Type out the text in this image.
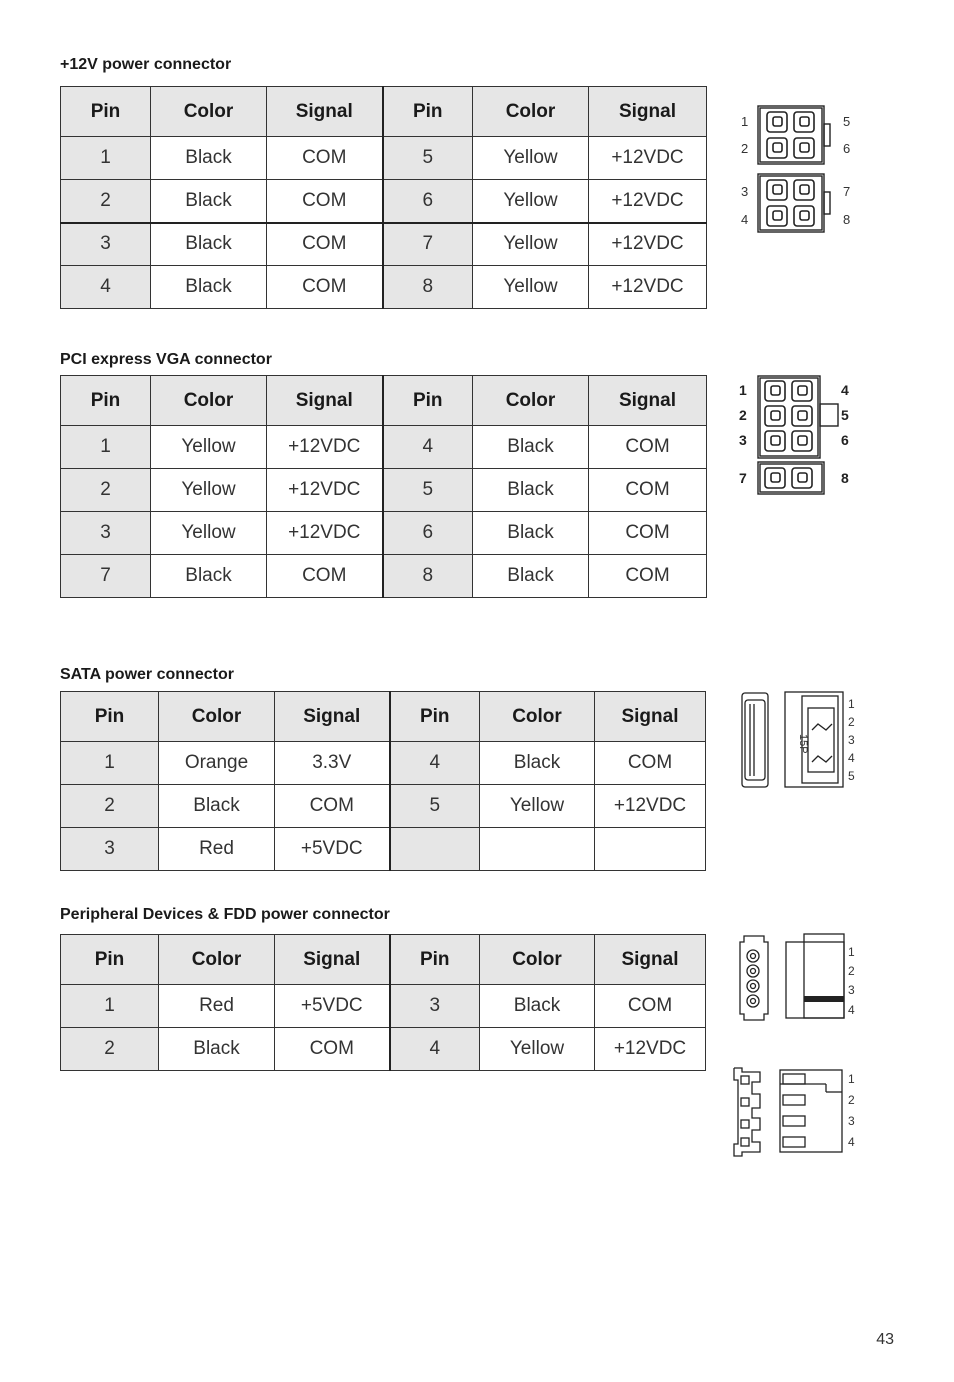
+12V power connector
Pin	Color	Signal	Pin	Color	Signal
1	Black	COM	5	Yellow	+12VDC
2	Black	COM	6	Yellow	+12VDC
3	Black	COM	7	Yellow	+12VDC
4	Black	COM	8	Yellow	+12VDC
1
2
3
4
5
6
7
8
PCI express VGA connector
Pin	Color	Signal	Pin	Color	Signal
1	Yellow	+12VDC	4	Black	COM
2	Yellow	+12VDC	5	Black	COM
3	Yellow	+12VDC	6	Black	COM
7	Black	COM	8	Black	COM
1
2
3
7
4
5
6
8
SATA power connector
Pin	Color	Signal	Pin	Color	Signal
1	Orange	3.3V	4	Black	COM
2	Black	COM	5	Yellow	+12VDC
3	Red	+5VDC			
15P
1
2
3
4
5
Peripheral Devices & FDD power connector
Pin	Color	Signal	Pin	Color	Signal
1	Red	+5VDC	3	Black	COM
2	Black	COM	4	Yellow	+12VDC
1
2
3
4
1
2
3
4
43
